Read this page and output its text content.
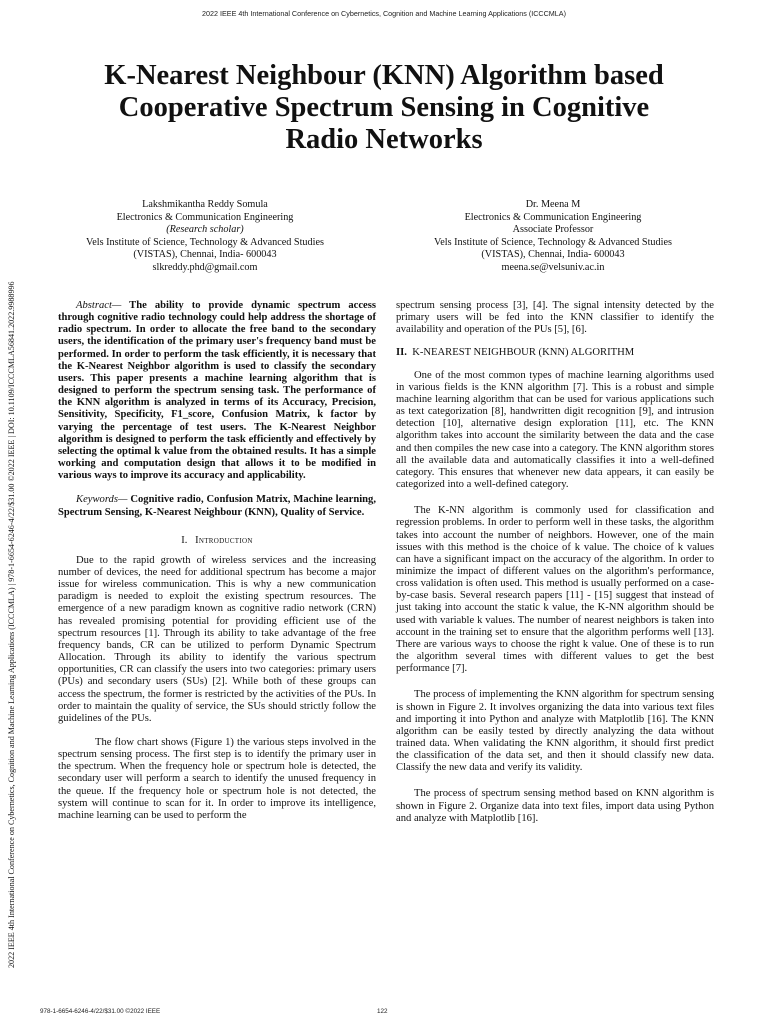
2022 IEEE 4th International Conference on Cybernetics, Cognition and Machine Learning Applications (ICCCMLA)
2022 IEEE 4th International Conference on Cybernetics, Cognition and Machine Learning Applications (ICCCMLA) | 978-1-6654-6246-4/22/$31.00 ©2022 IEEE | DOI: 10.1109/ICCCMLA56841.2022.9988996
K-Nearest Neighbour (KNN) Algorithm based
Cooperative Spectrum Sensing in Cognitive
Radio Networks
Lakshmikantha Reddy Somula
Electronics & Communication Engineering
(Research scholar)
Vels Institute of Science, Technology & Advanced Studies
(VISTAS), Chennai, India- 600043
slkreddy.phd@gmail.com
Dr. Meena M
Electronics & Communication Engineering
Associate Professor
Vels Institute of Science, Technology & Advanced Studies
(VISTAS), Chennai, India- 600043
meena.se@velsuniv.ac.in

Abstract— The ability to provide dynamic spectrum access through cognitive radio technology could help address the shortage of radio spectrum. In order to allocate the free band to the secondary users, the identification of the primary user's frequency band must be performed. In order to perform the task efficiently, it is necessary that the K-Nearest Neighbor algorithm is used to classify the secondary users. This paper presents a machine learning algorithm that is designed to perform the spectrum sensing task. The performance of the KNN algorithm is analyzed in terms of its Accuracy, Precision, Sensitivity, Specificity, F1_score, Confusion Matrix, k factor by varying the percentage of test users. The K-Nearest Neighbor algorithm is designed to perform the task efficiently and effectively by selecting the optimal k value from the obtained results. It has a simple working and computation design that allows it to be modified in various ways to improve its accuracy and applicability.

Keywords— Cognitive radio, Confusion Matrix, Machine learning, Spectrum Sensing, K-Nearest Neighbour (KNN), Quality of Service.

I. Introduction

Due to the rapid growth of wireless services and the increasing number of devices, the need for additional spectrum has become a major issue for wireless communication. This is why a new communication paradigm is needed to exploit the existing spectrum resources. The emergence of a new paradigm known as cognitive radio network (CRN) has revealed promising potential for providing efficient use of the spectrum resources [1]. Through its ability to take advantage of the free frequency bands, CR can be utilized to perform Dynamic Spectrum Allocation. Through its ability to identify the various spectrum opportunities, CR can classify the users into two categories: primary users (PUs) and secondary users (SUs) [2]. While both of these groups can access the spectrum, the former is restricted by the activities of the PUs. In order to maintain the quality of service, the SUs should strictly follow the guidelines of the PUs.

The flow chart shows (Figure 1) the various steps involved in the spectrum sensing process. The first step is to identify the primary user in the spectrum. When the frequency hole or spectrum hole is detected, the secondary user will perform a search to identify the unused frequency in the queue. If the frequency hole or spectrum hole is not detected, the system will continue to scan for it. In order to improve its intelligence, machine learning can be used to perform the

spectrum sensing process [3], [4]. The signal intensity detected by the primary users will be fed into the KNN classifier to identify the availability and operation of the PUs [5], [6].

II. K-NEAREST NEIGHBOUR (KNN) ALGORITHM

One of the most common types of machine learning algorithms used in various fields is the KNN algorithm [7]. This is a robust and simple machine learning algorithm that can be used for various applications such as text categorization [8], handwritten digit recognition [9], and intrusion detection [10], alternative design exploration [11], etc. The KNN algorithm takes into account the similarity between the data and the case and then compiles the new case into a category. The KNN algorithm stores all the available data and automatically classifies it into a well-defined category. This ensures that whenever new data appears, it can easily be categorized into a well-defined category.

The K-NN algorithm is commonly used for classification and regression problems. In order to perform well in these tasks, the algorithm takes into account the number of neighbors. However, one of the main issues with this method is the choice of k value. The choice of k values can have a significant impact on the accuracy of the algorithm. In order to minimize the impact of different values on the algorithm's performance, cross validation is often used. This method is usually performed on a case-by-case basis. Several research papers [11] - [15] suggest that instead of just taking into account the static k value, the K-NN algorithm should be used with variable k values. The number of nearest neighbors is taken into account in the training set to ensure that the algorithm performs well [13]. There are various ways to choose the right k value. One of these is to run the algorithm several times with different values to get the best performance [7].

The process of implementing the KNN algorithm for spectrum sensing is shown in Figure 2. It involves organizing the data into various text files and importing it into Python and analyze with Matplotlib [16]. The KNN algorithm can be easily tested by directly analyzing the data without trained data. When validating the KNN algorithm, it should first predict the classification of the data set, and then it should classify new data. Classify the new data and verify its validity.

The process of spectrum sensing method based on KNN algorithm is shown in Figure 2. Organize data into text files, import data using Python and analyze with Matplotlib [16].

978-1-6654-6246-4/22/$31.00 ©2022 IEEE	122
